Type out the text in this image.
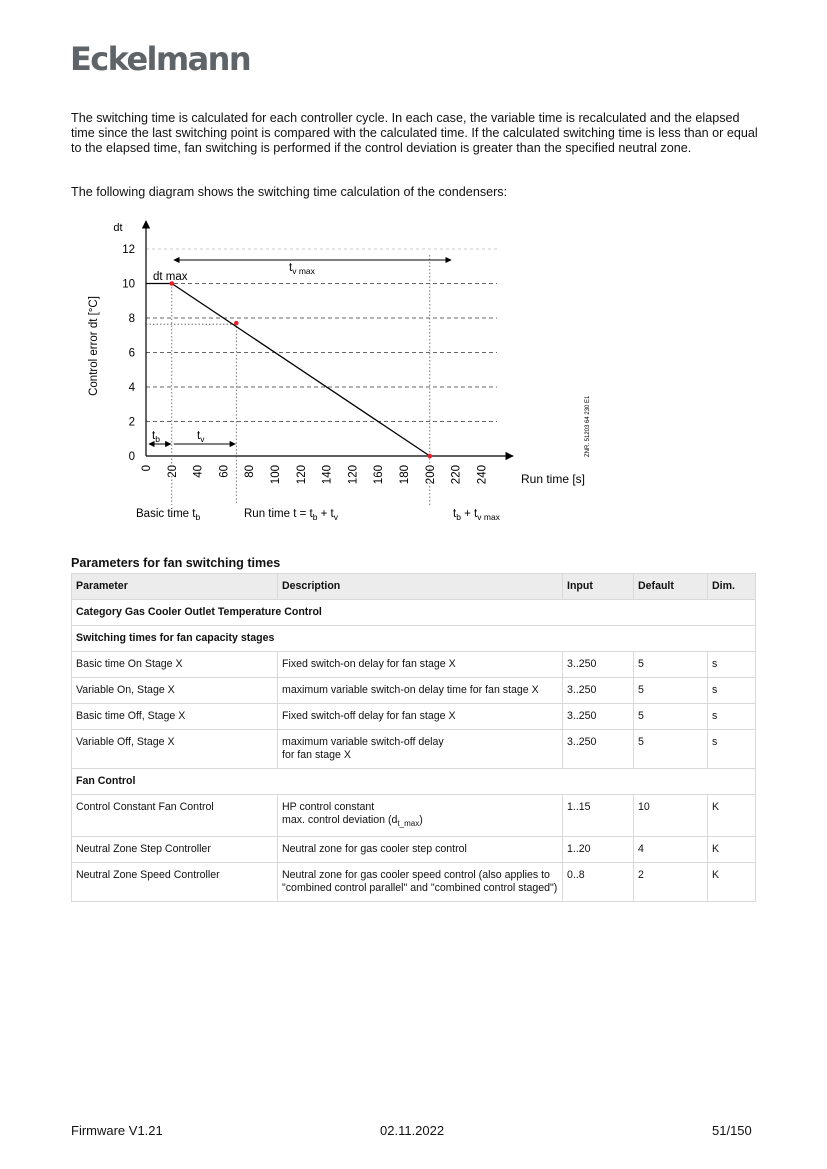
Eckelmann

The switching time is calculated for each controller cycle. In each case, the variable time is recalculated and the elapsed time since the last switching point is compared with the calculated time. If the calculated switching time is less than or equal to the elapsed time, fan switching is performed if the control deviation is greater than the specified neutral zone.

The following diagram shows the switching time calculation of the condensers:

0
2
4
6
8
10
12
0 20 40 60 80 100 120 140 120 160 180 200 220 240
dt
Control error dt [°C]
Run time [s]
dt max
$t_{v max}$
$t_b$	$t_v$
Basic time $t_b$	Run time $t = t_b + t_v$	$t_b + t_{v max}$
ZNR. 51203 64 230 E1

Parameters for fan switching times

Parameter	Description	Input	Default	Dim.
Category Gas Cooler Outlet Temperature Control				
Switching times for fan capacity stages				
Basic time On Stage X	Fixed switch-on delay for fan stage X	3..250	5	s
Variable On, Stage X	maximum variable switch-on delay time for fan stage X	3..250	5	s
Basic time Off, Stage X	Fixed switch-off delay for fan stage X	3..250	5	s
Variable Off, Stage X	maximum variable switch-off delay
for fan stage X	3..250	5	s
Fan Control				
Control Constant Fan Control	HP control constant
max. control deviation $(d_{t\_max})$	1..15	10	K
Neutral Zone Step Controller	Neutral zone for gas cooler step control	1..20	4	K
Neutral Zone Speed Controller	Neutral zone for gas cooler speed control (also applies to "combined control parallel" and "combined control staged")	0..8	2	K
Firmware V1.21	02.11.2022	51/150
